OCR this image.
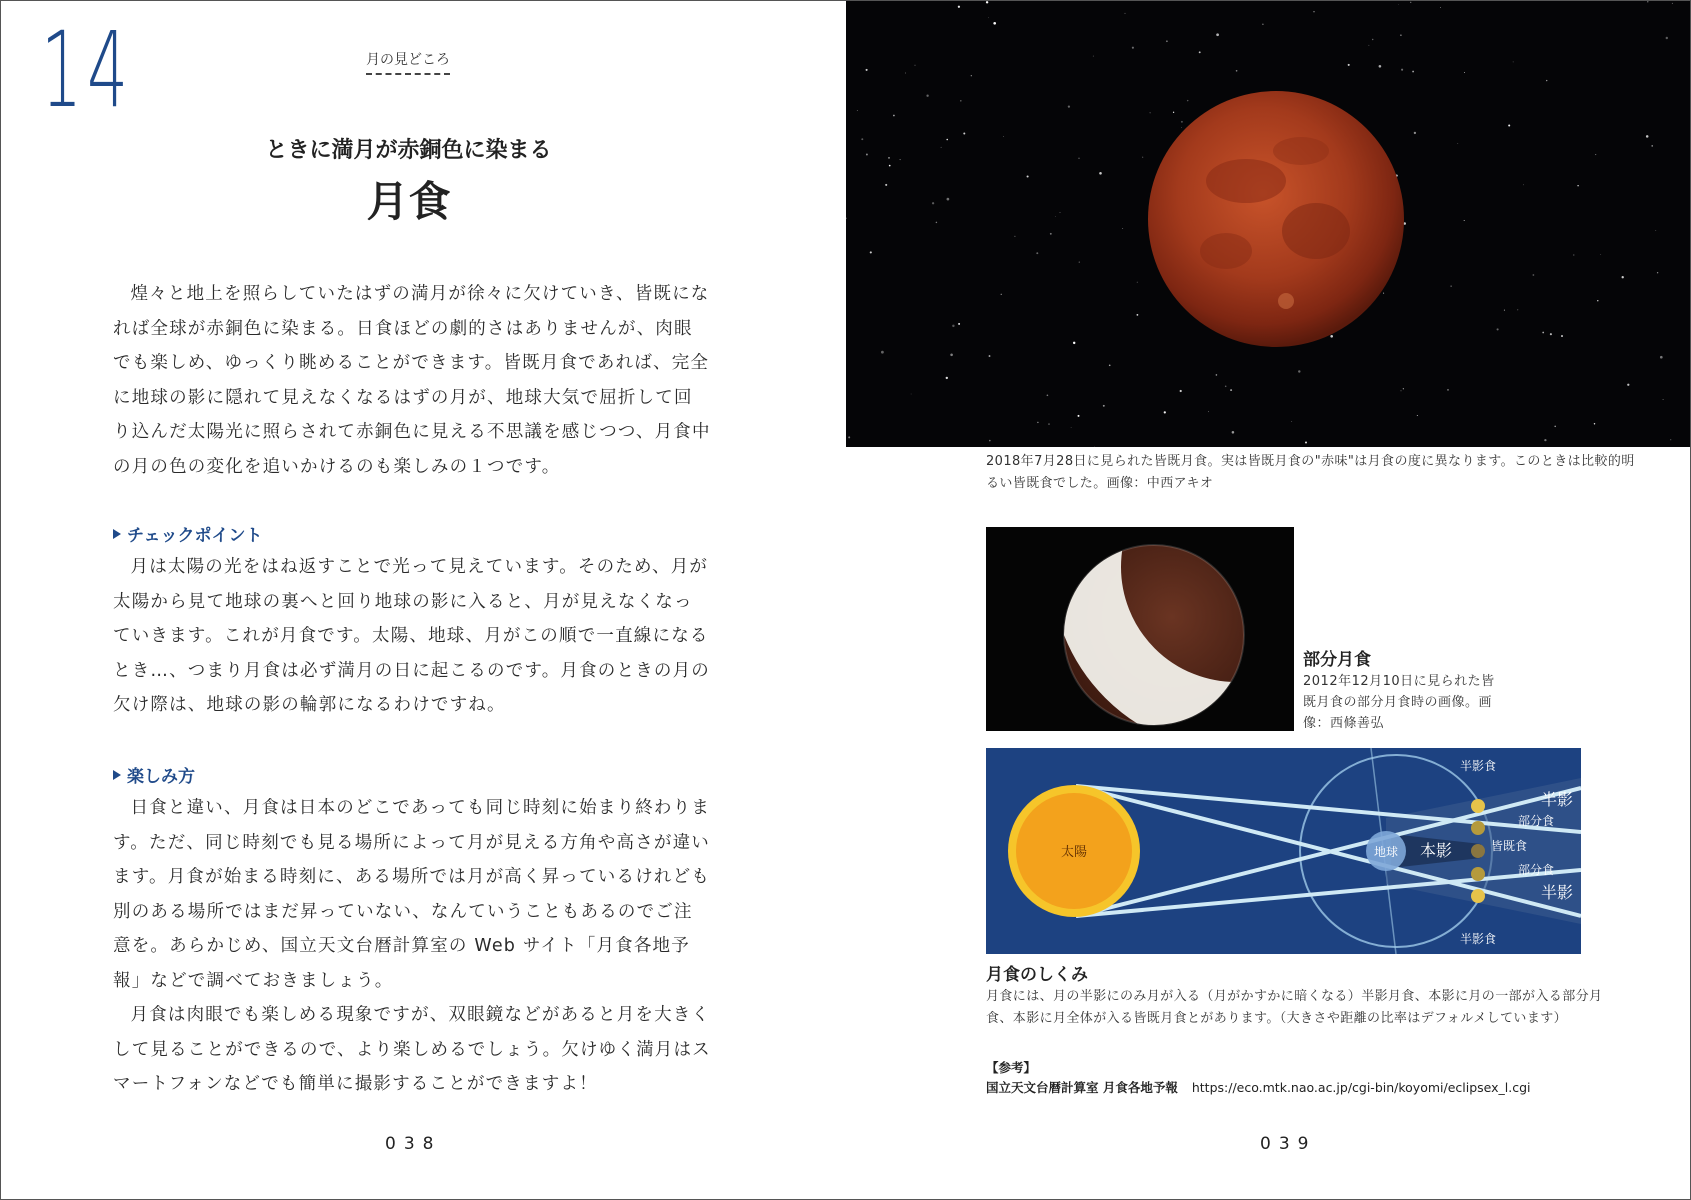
14	月の見どころ
ときに満月が赤銅色に染まる
月食

煌々と地上を照らしていたはずの満月が徐々に欠けていき、皆既になれば全球が赤銅色に染まる。日食ほどの劇的さはありませんが、肉眼でも楽しめ、ゆっくり眺めることができます。皆既月食であれば、完全に地球の影に隠れて見えなくなるはずの月が、地球大気で屈折して回り込んだ太陽光に照らされて赤銅色に見える不思議を感じつつ、月食中の月の色の変化を追いかけるのも楽しみの１つです。

チェックポイント

月は太陽の光をはね返すことで光って見えています。そのため、月が太陽から見て地球の裏へと回り地球の影に入ると、月が見えなくなっていきます。これが月食です。太陽、地球、月がこの順で一直線になるとき…、つまり月食は必ず満月の日に起こるのです。月食のときの月の欠け際は、地球の影の輪郭になるわけですね。

楽しみ方

日食と違い、月食は日本のどこであっても同じ時刻に始まり終わります。ただ、同じ時刻でも見る場所によって月が見える方角や高さが違います。月食が始まる時刻に、ある場所では月が高く昇っているけれども別のある場所ではまだ昇っていない、なんていうこともあるのでご注意を。あらかじめ、国立天文台暦計算室の Web サイト「月食各地予報」などで調べておきましょう。

月食は肉眼でも楽しめる現象ですが、双眼鏡などがあると月を大きくして見ることができるので、より楽しめるでしょう。欠けゆく満月はスマートフォンなどでも簡単に撮影することができますよ！

038
2018年7月28日に見られた皆既月食。実は皆既月食の"赤味"は月食の度に異なります。このときは比較的明るい皆既食でした。画像：中西アキオ
部分月食
2012年12月10日に見られた皆既月食の部分月食時の画像。画像：西條善弘
太陽	地球 本影
半影食
半影食
部分食
皆既食
部分食
半影
半影
月食のしくみ
月食には、月の半影にのみ月が入る（月がかすかに暗くなる）半影月食、本影に月の一部が入る部分月食、本影に月全体が入る皆既月食とがあります。（大きさや距離の比率はデフォルメしています）
【参考】
国立天文台暦計算室 月食各地予報 https://eco.mtk.nao.ac.jp/cgi-bin/koyomi/eclipsex_l.cgi
039
